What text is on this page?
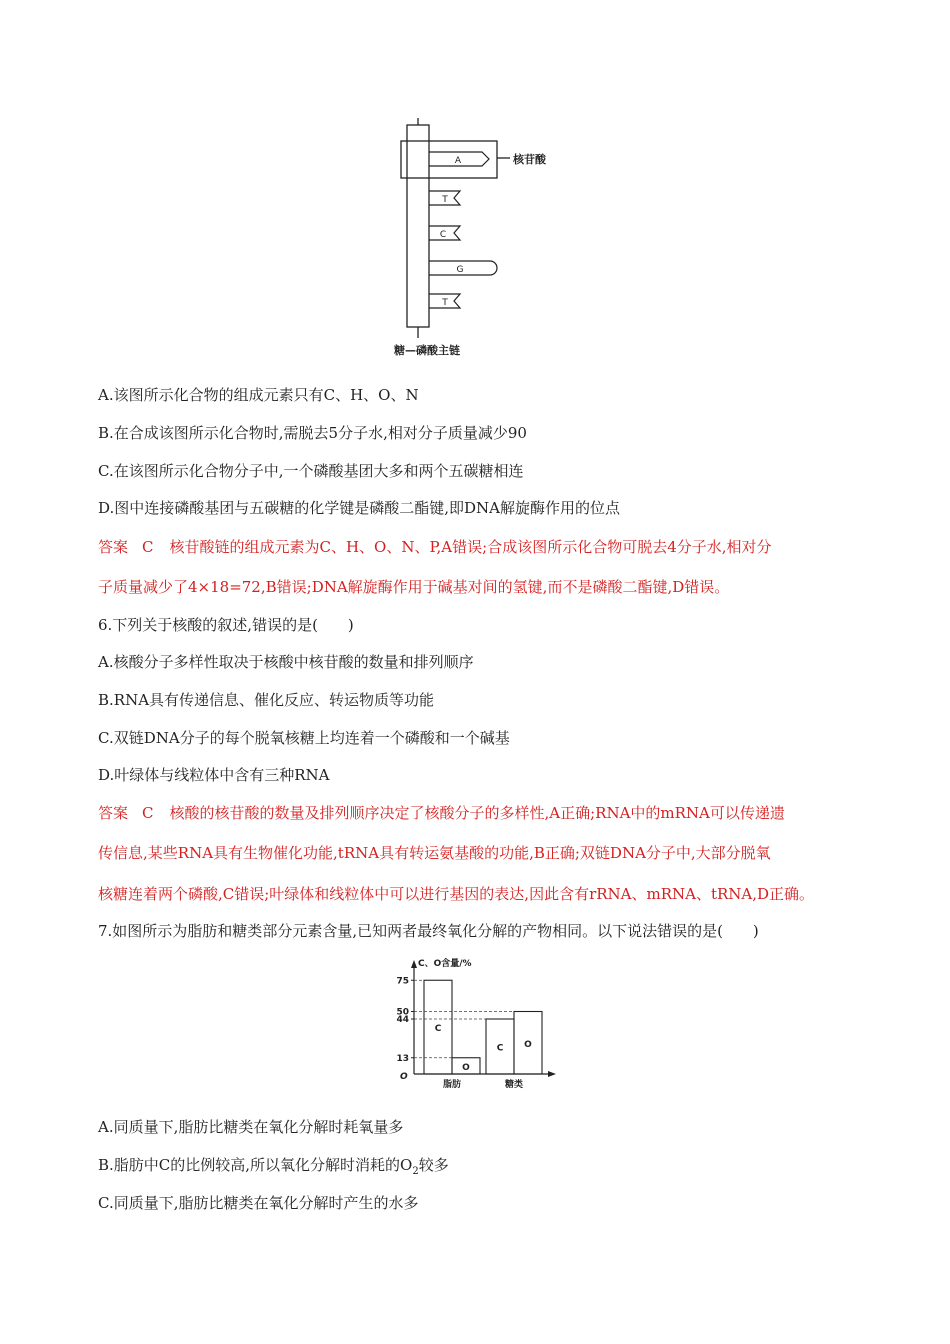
核苷酸
A
T
C
G
T
糖—磷酸主链
A.该图所示化合物的组成元素只有C、H、O、N
B.在合成该图所示化合物时,需脱去5分子水,相对分子质量减少90
C.在该图所示化合物分子中,一个磷酸基团大多和两个五碳糖相连
D.图中连接磷酸基团与五碳糖的化学键是磷酸二酯键,即DNA解旋酶作用的位点
答案 C 核苷酸链的组成元素为C、H、O、N、P,A错误;合成该图所示化合物可脱去4分子水,相对分
子质量减少了4×18=72,B错误;DNA解旋酶作用于碱基对间的氢键,而不是磷酸二酯键,D错误。
6.下列关于核酸的叙述,错误的是(　　)
A.核酸分子多样性取决于核酸中核苷酸的数量和排列顺序
B.RNA具有传递信息、催化反应、转运物质等功能
C.双链DNA分子的每个脱氧核糖上均连着一个磷酸和一个碱基
D.叶绿体与线粒体中含有三种RNA
答案 C 核酸的核苷酸的数量及排列顺序决定了核酸分子的多样性,A正确;RNA中的mRNA可以传递遗
传信息,某些RNA具有生物催化功能,tRNA具有转运氨基酸的功能,B正确;双链DNA分子中,大部分脱氧
核糖连着两个磷酸,C错误;叶绿体和线粒体中可以进行基因的表达,因此含有rRNA、mRNA、tRNA,D正确。
7.如图所示为脂肪和糖类部分元素含量,已知两者最终氧化分解的产物相同。以下说法错误的是(　　)
C、O含量/%
O
13
44
50
75
C
O
脂肪
C O
糖类
A.同质量下,脂肪比糖类在氧化分解时耗氧量多
B.脂肪中C的比例较高,所以氧化分解时消耗的$O_2$较多
C.同质量下,脂肪比糖类在氧化分解时产生的水多
